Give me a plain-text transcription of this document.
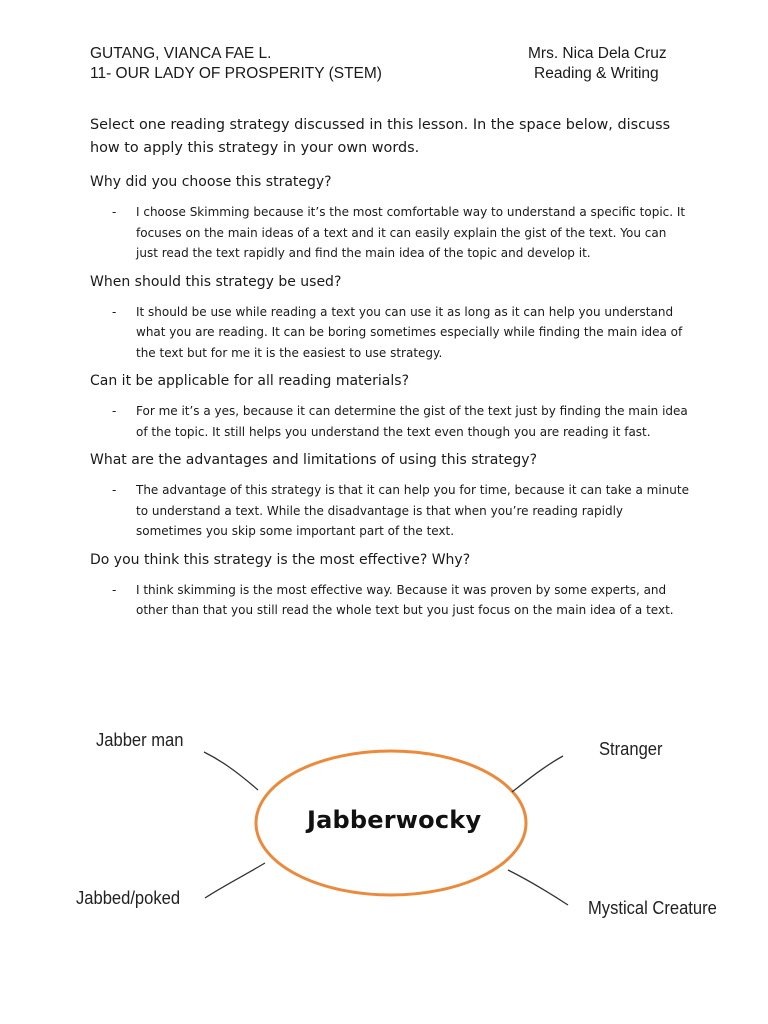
GUTANG, VIANCA FAE L.
11- OUR LADY OF PROSPERITY (STEM)
Mrs. Nica Dela Cruz
Reading & Writing

Select one reading strategy discussed in this lesson. In the space below, discuss how to apply this strategy in your own words.

Why did you choose this strategy?

- I choose Skimming because it’s the most comfortable way to understand a specific topic. It focuses on the main ideas of a text and it can easily explain the gist of the text. You can just read the text rapidly and find the main idea of the topic and develop it.

When should this strategy be used?

- It should be use while reading a text you can use it as long as it can help you understand what you are reading. It can be boring sometimes especially while finding the main idea of the text but for me it is the easiest to use strategy.

Can it be applicable for all reading materials?

- For me it’s a yes, because it can determine the gist of the text just by finding the main idea of the topic. It still helps you understand the text even though you are reading it fast.

What are the advantages and limitations of using this strategy?

- The advantage of this strategy is that it can help you for time, because it can take a minute to understand a text. While the disadvantage is that when you’re reading rapidly sometimes you skip some important part of the text.

Do you think this strategy is the most effective? Why?

- I think skimming is the most effective way. Because it was proven by some experts, and other than that you still read the whole text but you just focus on the main idea of a text.
Jabber man	Stranger
Jabbed/poked	Mystical Creature
Jabberwocky
